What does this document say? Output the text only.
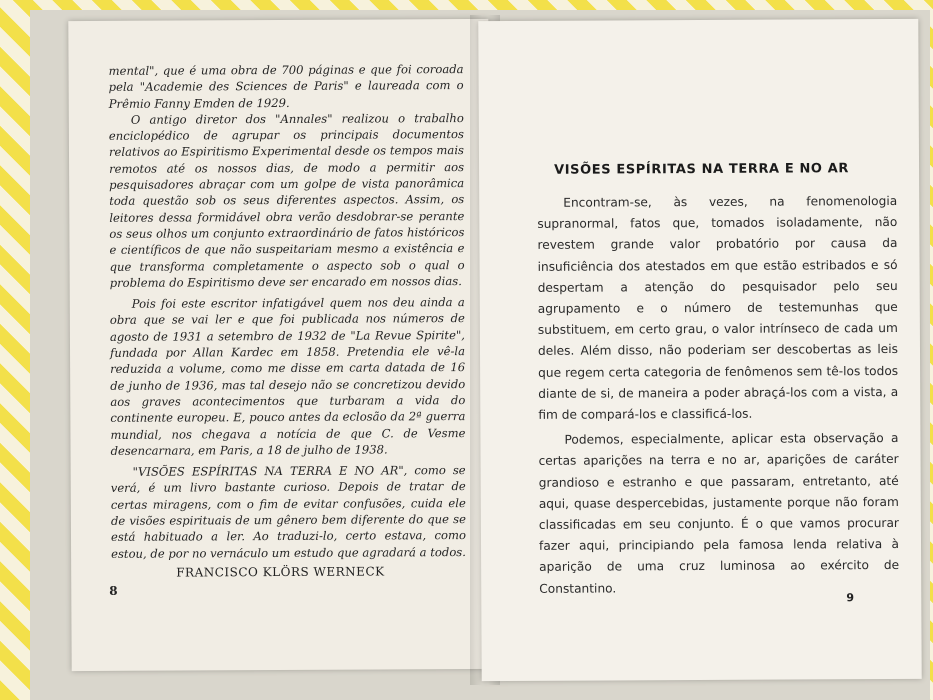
mental", que é uma obra de 700 páginas e que foi coroada pela "Academie des Sciences de Paris" e laureada com o Prêmio Fanny Emden de 1929.

O antigo diretor dos "Annales" realizou o trabalho enciclopédico de agrupar os principais documentos relativos ao Espiritismo Experimental desde os tempos mais remotos até os nossos dias, de modo a permitir aos pesquisadores abraçar com um golpe de vista panorâmica toda questão sob os seus diferentes aspectos. Assim, os leitores dessa formidável obra verão desdobrar-se perante os seus olhos um conjunto extraordinário de fatos históricos e científicos de que não suspeitariam mesmo a existência e que transforma completamente o aspecto sob o qual o problema do Espiritismo deve ser encarado em nossos dias.

Pois foi este escritor infatigável quem nos deu ainda a obra que se vai ler e que foi publicada nos números de agosto de 1931 a setembro de 1932 de "La Revue Spirite", fundada por Allan Kardec em 1858. Pretendia ele vê-la reduzida a volume, como me disse em carta datada de 16 de junho de 1936, mas tal desejo não se concretizou devido aos graves acontecimentos que turbaram a vida do continente europeu. E, pouco antes da eclosão da 2ª guerra mundial, nos chegava a notícia de que C. de Vesme desencarnara, em Paris, a 18 de julho de 1938.

"VISÕES ESPÍRITAS NA TERRA E NO AR", como se verá, é um livro bastante curioso. Depois de tratar de certas miragens, com o fim de evitar confusões, cuida ele de visões espirituais de um gênero bem diferente do que se está habituado a ler. Ao traduzi-lo, certo estava, como estou, de por no vernáculo um estudo que agradará a todos.

FRANCISCO KLÖRS WERNECK
8
VISÕES ESPÍRITAS NA TERRA E NO AR

Encontram-se, às vezes, na fenomenologia supranormal, fatos que, tomados isoladamente, não revestem grande valor probatório por causa da insuficiência dos atestados em que estão estribados e só despertam a atenção do pesquisador pelo seu agrupamento e o número de testemunhas que substituem, em certo grau, o valor intrínseco de cada um deles. Além disso, não poderiam ser descobertas as leis que regem certa categoria de fenômenos sem tê-los todos diante de si, de maneira a poder abraçá-los com a vista, a fim de compará-los e classificá-los.

Podemos, especialmente, aplicar esta observação a certas aparições na terra e no ar, aparições de caráter grandioso e estranho e que passaram, entretanto, até aqui, quase despercebidas, justamente porque não foram classificadas em seu conjunto. É o que vamos procurar fazer aqui, principiando pela famosa lenda relativa à aparição de uma cruz luminosa ao exército de Constantino.

9
